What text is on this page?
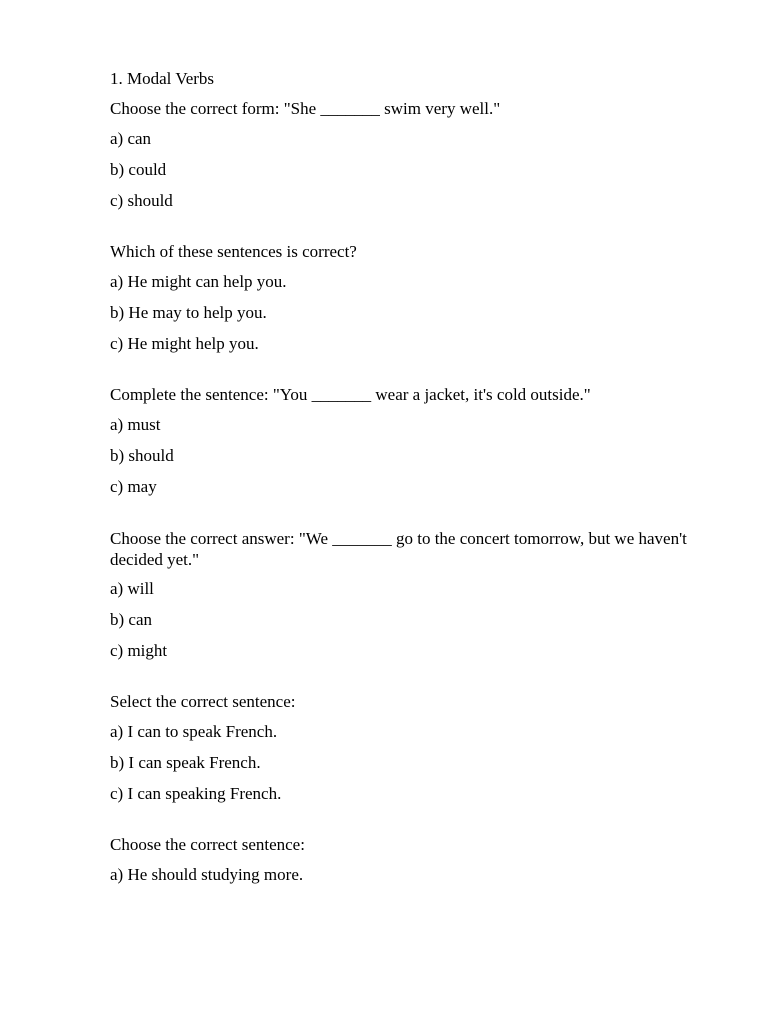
1. Modal Verbs
Choose the correct form: "She _______ swim very well."
a) can
b) could
c) should
Which of these sentences is correct?
a) He might can help you.
b) He may to help you.
c) He might help you.
Complete the sentence: "You _______ wear a jacket, it's cold outside."
a) must
b) should
c) may
Choose the correct answer: "We _______ go to the concert tomorrow, but we haven't decided yet."
a) will
b) can
c) might
Select the correct sentence:
a) I can to speak French.
b) I can speak French.
c) I can speaking French.
Choose the correct sentence:
a) He should studying more.
